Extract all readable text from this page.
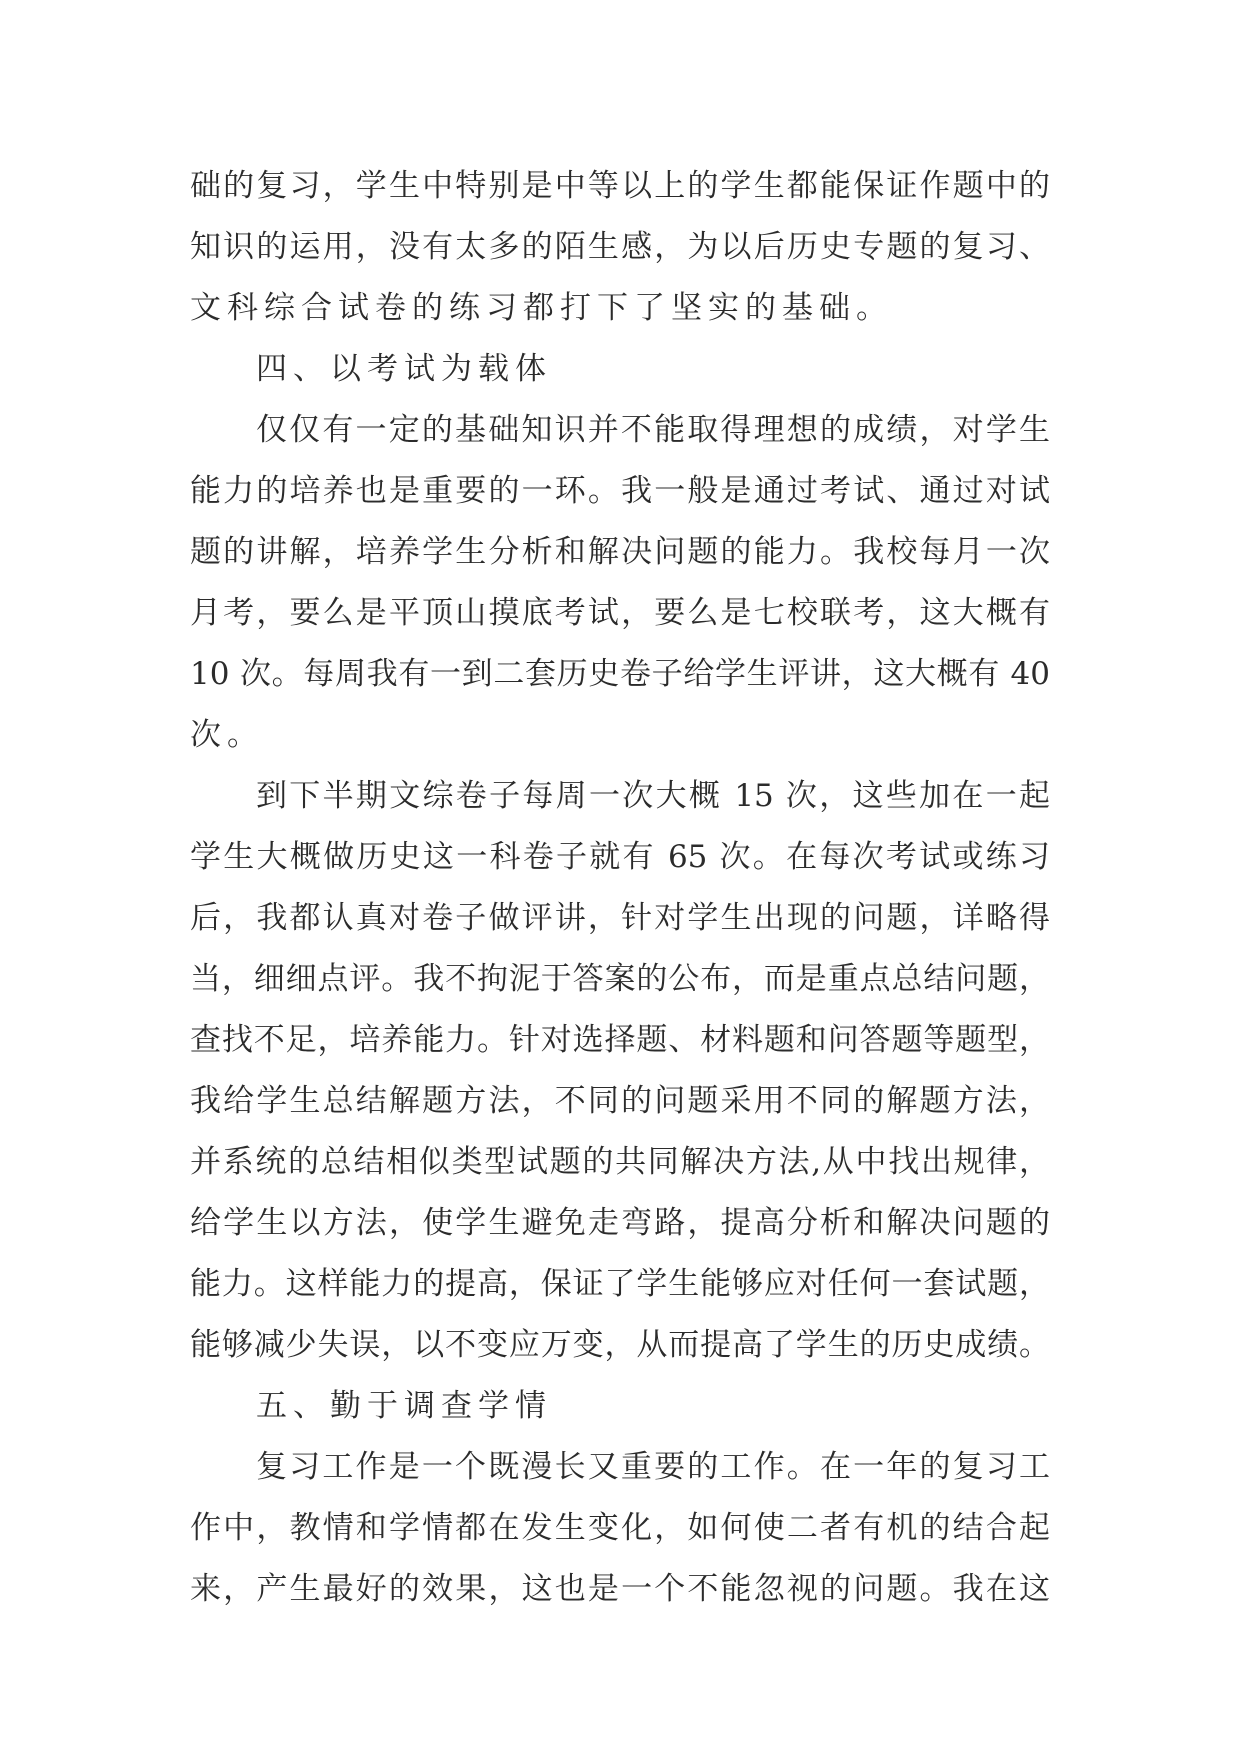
础的复习，学生中特别是中等以上的学生都能保证作题中的
知识的运用，没有太多的陌生感，为以后历史专题的复习、
文科综合试卷的练习都打下了坚实的基础。
四、以考试为载体
仅仅有一定的基础知识并不能取得理想的成绩，对学生
能力的培养也是重要的一环。我一般是通过考试、通过对试
题的讲解，培养学生分析和解决问题的能力。我校每月一次
月考，要么是平顶山摸底考试，要么是七校联考，这大概有
10 次。每周我有一到二套历史卷子给学生评讲，这大概有 40
次。
到下半期文综卷子每周一次大概 15 次，这些加在一起
学生大概做历史这一科卷子就有 65 次。在每次考试或练习
后，我都认真对卷子做评讲，针对学生出现的问题，详略得
当，细细点评。我不拘泥于答案的公布，而是重点总结问题，
查找不足，培养能力。针对选择题、材料题和问答题等题型，
我给学生总结解题方法，不同的问题采用不同的解题方法，
并系统的总结相似类型试题的共同解决方法,从中找出规律，
给学生以方法，使学生避免走弯路，提高分析和解决问题的
能力。这样能力的提高，保证了学生能够应对任何一套试题，
能够减少失误，以不变应万变，从而提高了学生的历史成绩。
五、勤于调查学情
复习工作是一个既漫长又重要的工作。在一年的复习工
作中，教情和学情都在发生变化，如何使二者有机的结合起
来，产生最好的效果，这也是一个不能忽视的问题。我在这
